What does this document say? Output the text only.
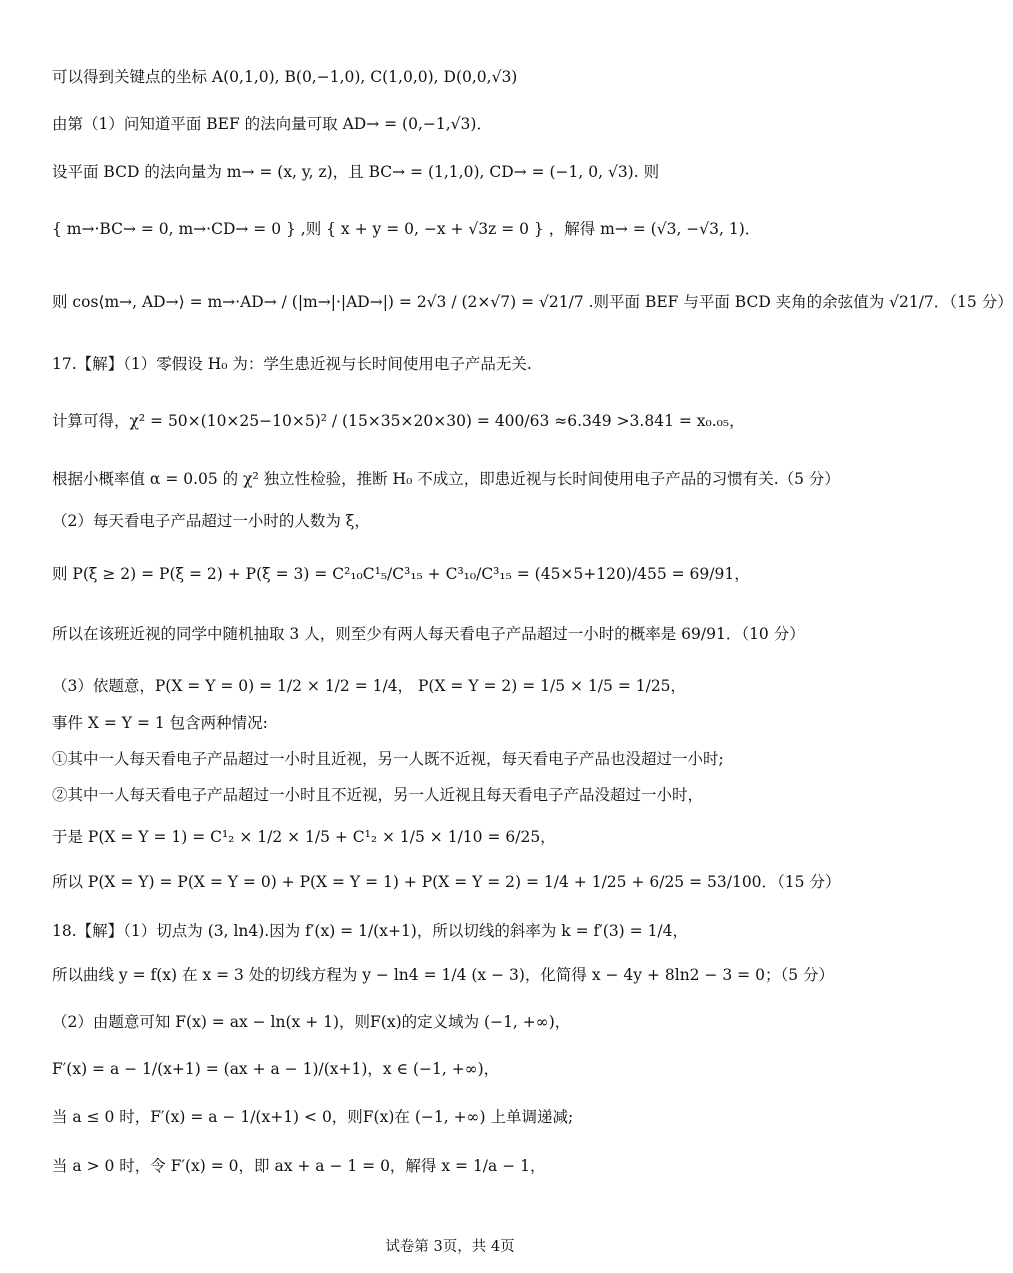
可以得到关键点的坐标 A(0,1,0), B(0,−1,0), C(1,0,0), D(0,0,√3)
由第（1）问知道平面 BEF 的法向量可取 AD→ = (0,−1,√3)．
设平面 BCD 的法向量为 m→ = (x, y, z)，且 BC→ = (1,1,0), CD→ = (−1, 0, √3). 则
{ m→·BC→ = 0, m→·CD→ = 0 } ,则 { x + y = 0, −x + √3z = 0 } ，解得 m→ = (√3, −√3, 1)．
则 cos⟨m→, AD→⟩ = m→·AD→ / (|m→|·|AD→|) = 2√3 / (2×√7) = √21/7 .则平面 BEF 与平面 BCD 夹角的余弦值为 √21/7．（15 分）
17.【解】（1）零假设 H₀ 为：学生患近视与长时间使用电子产品无关.
计算可得，χ² = 50×(10×25−10×5)² / (15×35×20×30) = 400/63 ≈6.349 >3.841 = x₀.₀₅，
根据小概率值 α = 0.05 的 χ² 独立性检验，推断 H₀ 不成立，即患近视与长时间使用电子产品的习惯有关.（5 分）
（2）每天看电子产品超过一小时的人数为 ξ，
则 P(ξ ≥ 2) = P(ξ = 2) + P(ξ = 3) = C²₁₀C¹₅/C³₁₅ + C³₁₀/C³₁₅ = (45×5+120)/455 = 69/91，
所以在该班近视的同学中随机抽取 3 人，则至少有两人每天看电子产品超过一小时的概率是 69/91．（10 分）
（3）依题意，P(X = Y = 0) = 1/2 × 1/2 = 1/4， P(X = Y = 2) = 1/5 × 1/5 = 1/25，
事件 X = Y = 1 包含两种情况:
①其中一人每天看电子产品超过一小时且近视，另一人既不近视，每天看电子产品也没超过一小时;
②其中一人每天看电子产品超过一小时且不近视，另一人近视且每天看电子产品没超过一小时，
于是 P(X = Y = 1) = C¹₂ × 1/2 × 1/5 + C¹₂ × 1/5 × 1/10 = 6/25，
所以 P(X = Y) = P(X = Y = 0) + P(X = Y = 1) + P(X = Y = 2) = 1/4 + 1/25 + 6/25 = 53/100．（15 分）
18.【解】（1）切点为 (3, ln4).因为 f′(x) = 1/(x+1)，所以切线的斜率为 k = f′(3) = 1/4，
所以曲线 y = f(x) 在 x = 3 处的切线方程为 y − ln4 = 1/4 (x − 3)，化简得 x − 4y + 8ln2 − 3 = 0；（5 分）
（2）由题意可知 F(x) = ax − ln(x + 1)，则F(x)的定义域为 (−1, +∞)，
F′(x) = a − 1/(x+1) = (ax + a − 1)/(x+1)，x ∈ (−1, +∞)，
当 a ≤ 0 时，F′(x) = a − 1/(x+1) < 0，则F(x)在 (−1, +∞) 上单调递减;
当 a > 0 时，令 F′(x) = 0，即 ax + a − 1 = 0，解得 x = 1/a − 1，
试卷第 3页，共 4页
